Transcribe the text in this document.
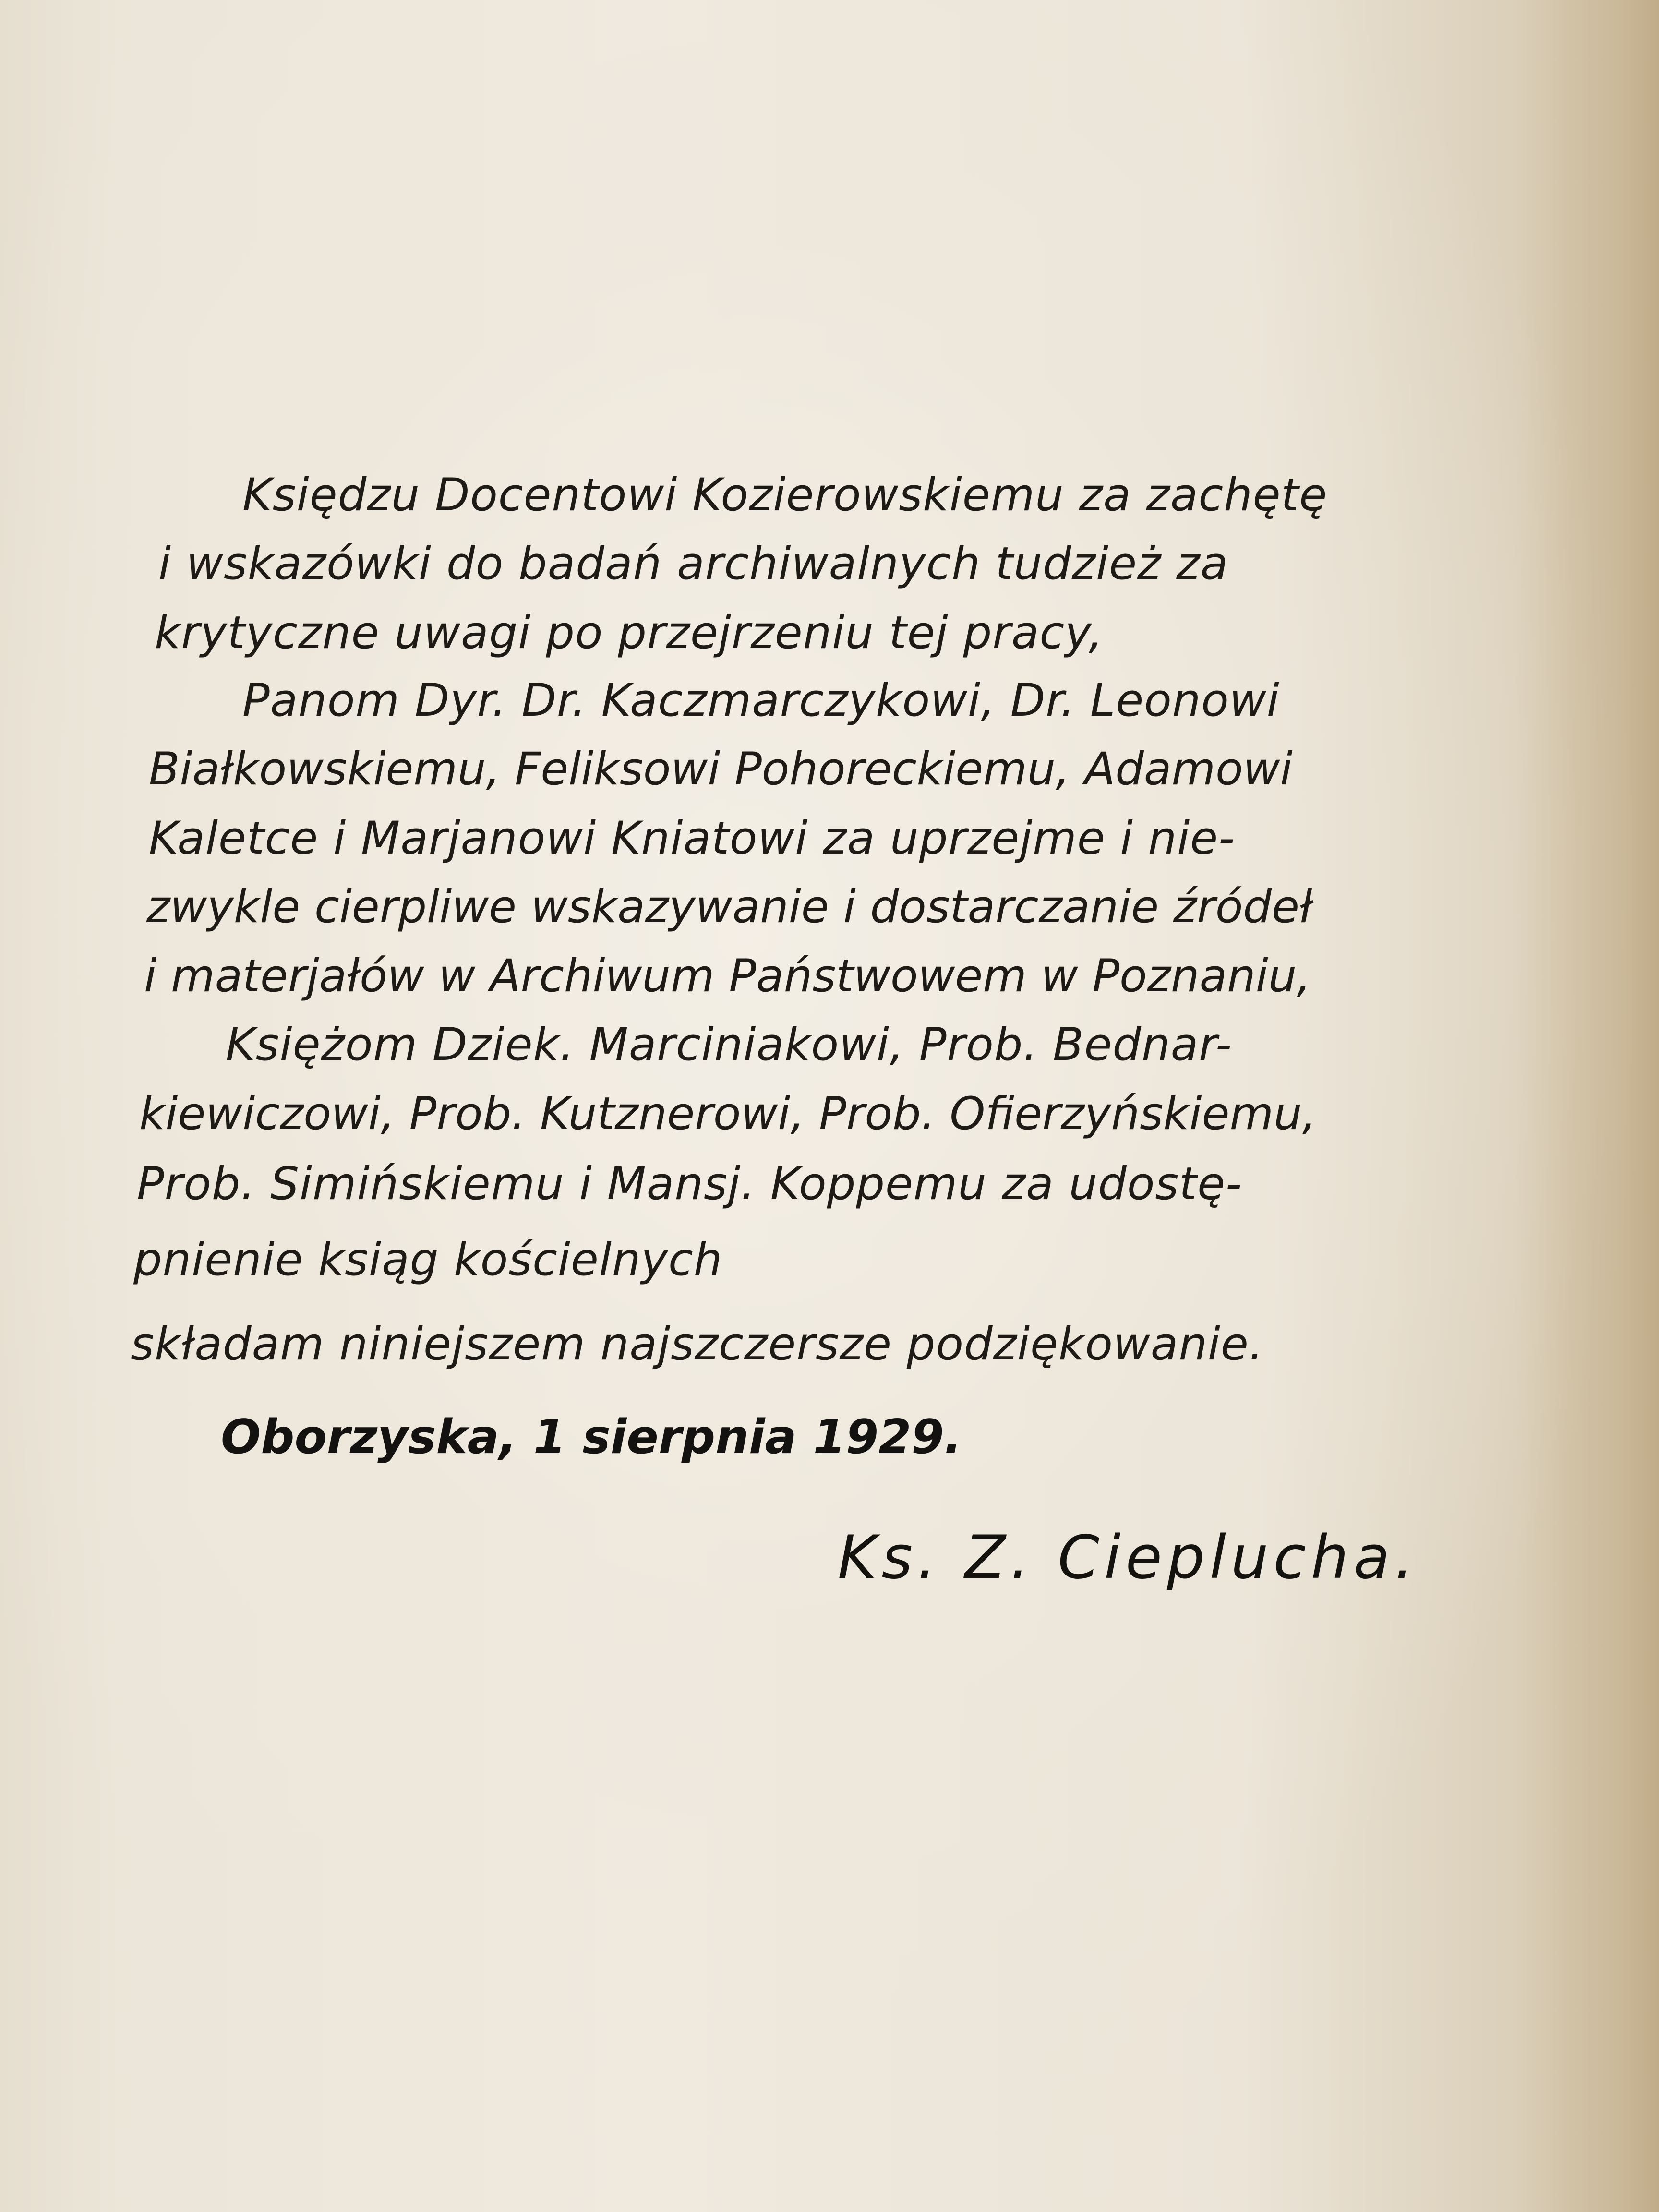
Księdzu Docentowi Kozierowskiemu za zachętę

i wskazówki do badań archiwalnych tudzież za

krytyczne uwagi po przejrzeniu tej pracy,

Panom Dyr. Dr. Kaczmarczykowi, Dr. Leonowi

Białkowskiemu, Feliksowi Pohoreckiemu, Adamowi

Kaletce i Marjanowi Kniatowi za uprzejme i nie-

zwykle cierpliwe wskazywanie i dostarczanie źródeł

i materjałów w Archiwum Państwowem w Poznaniu,

Księżom Dziek. Marciniakowi, Prob. Bednar-

kiewiczowi, Prob. Kutznerowi, Prob. Ofierzyńskiemu,

Prob. Simińskiemu i Mansj. Koppemu za udostę-

pnienie ksiąg kościelnych

składam niniejszem najszczersze podziękowanie.

Oborzyska, 1 sierpnia 1929.

Ks. Z. Cieplucha.
